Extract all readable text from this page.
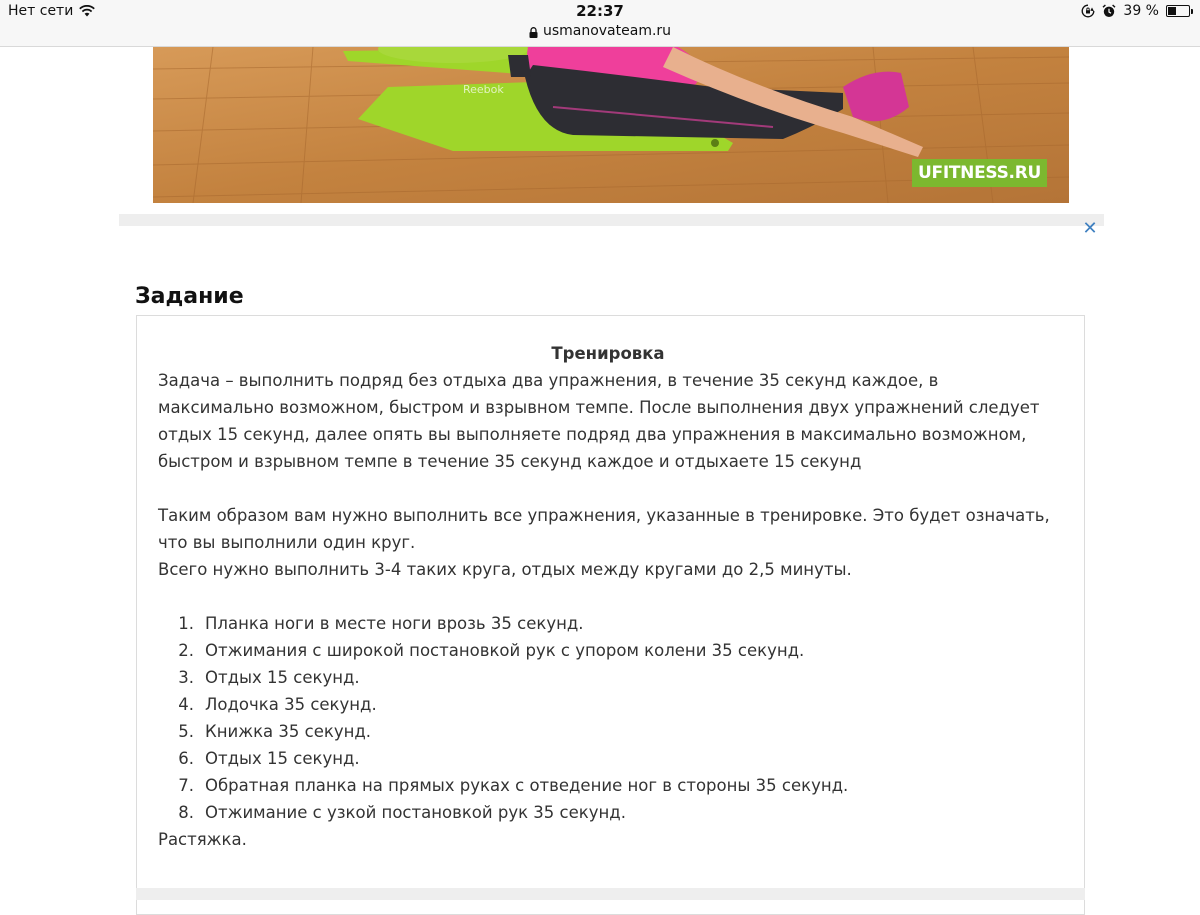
Нет сети	22:37
usmanovateam.ru
39 %
Reebok
UFITNESS.RU
✕
Задание

Тренировка

Задача – выполнить подряд без отдыха два упражнения, в течение 35 секунд каждое, в максимально возможном, быстром и взрывном темпе. После выполнения двух упражнений следует отдых 15 секунд, далее опять вы выполняете подряд два упражнения в максимально возможном, быстром и взрывном темпе в течение 35 секунд каждое и отдыхаете 15 секунд

Таким образом вам нужно выполнить все упражнения, указанные в тренировке. Это будет означать, что вы выполнили один круг.

Всего нужно выполнить 3-4 таких круга, отдых между кругами до 2,5 минуты.

1. Планка ноги в месте ноги врозь 35 секунд.
2. Отжимания с широкой постановкой рук с упором колени 35 секунд.
3. Отдых 15 секунд.
4. Лодочка 35 секунд.
5. Книжка 35 секунд.
6. Отдых 15 секунд.
7. Обратная планка на прямых руках с отведение ног в стороны 35 секунд.
8. Отжимание с узкой постановкой рук 35 секунд.

Растяжка.
